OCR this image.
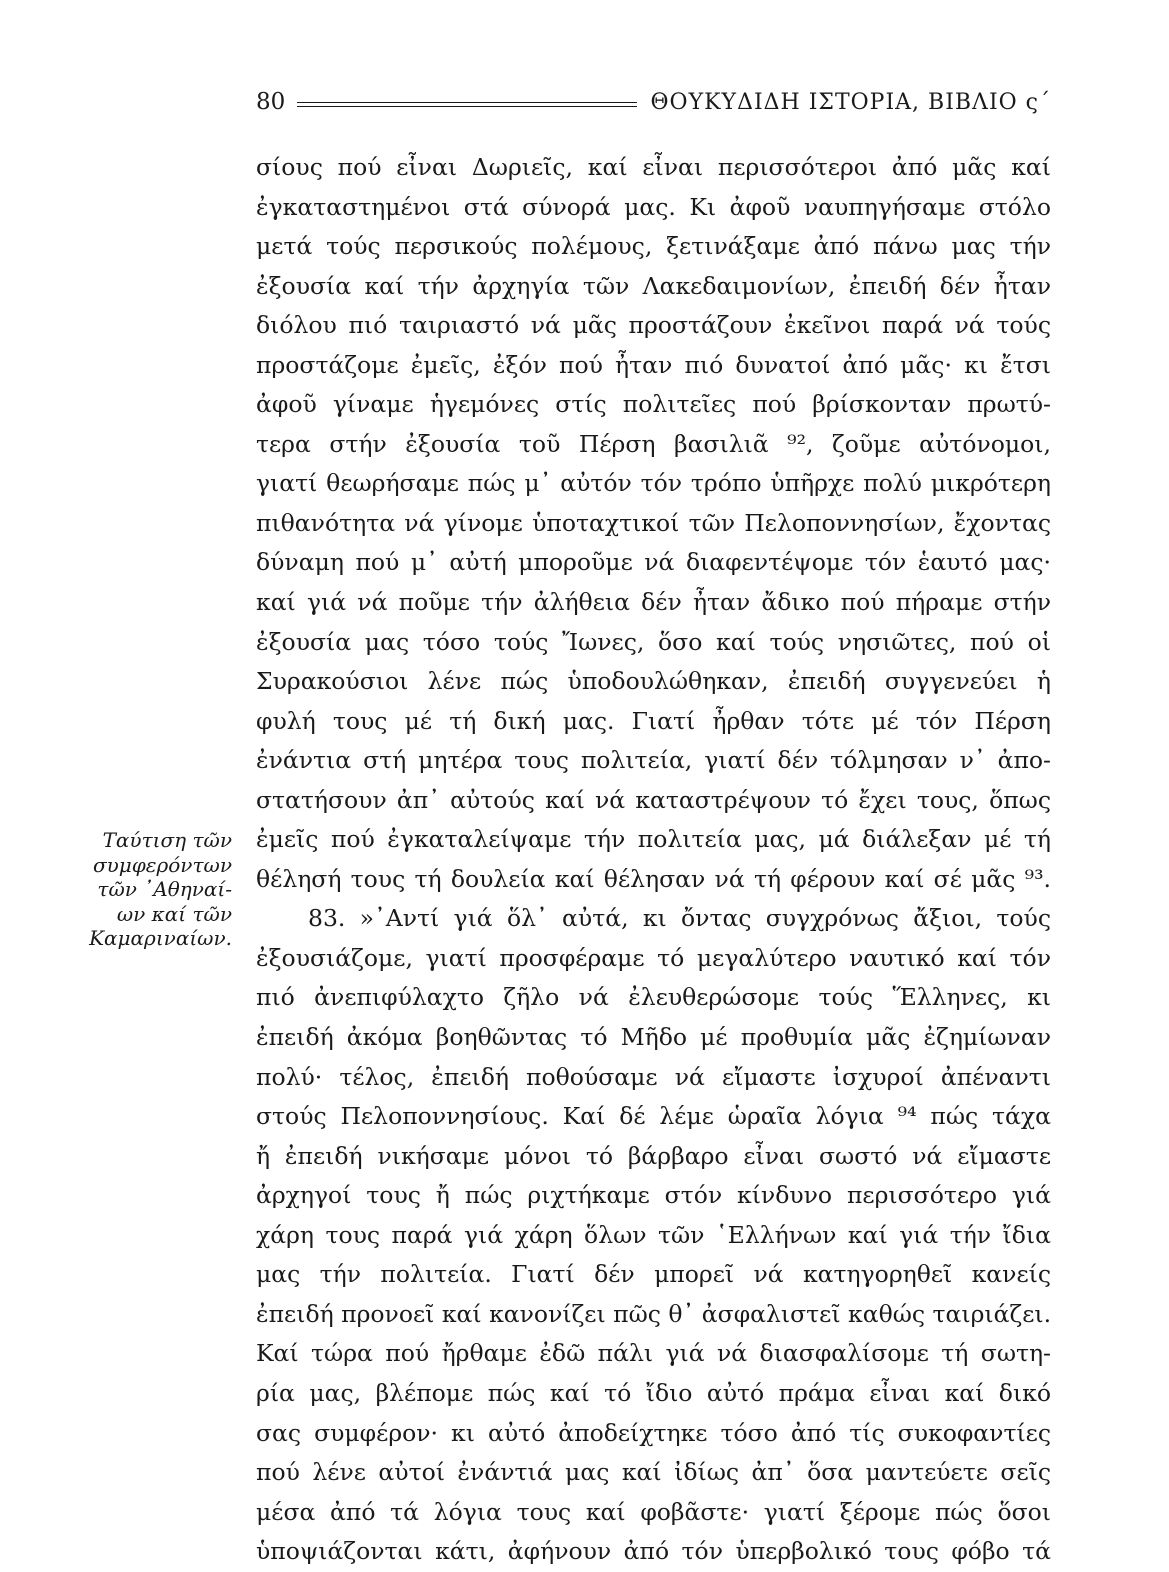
80	ΘΟΥΚΥΔΙΔΗ ΙΣΤΟΡΙΑ, ΒΙΒΛΙΟ ς΄
Ταύτιση τῶν
συμφερόντων
τῶν ᾿Αθηναί-
ων καί τῶν
Καμαριναίων.
σίους πού εἶναι Δωριεῖς, καί εἶναι περισσότεροι ἀπό μᾶς καί
ἐγκαταστημένοι στά σύνορά μας. Κι ἀφοῦ ναυπηγήσαμε στόλο
μετά τούς περσικούς πολέμους, ξετινάξαμε ἀπό πάνω μας τήν
ἐξουσία καί τήν ἀρχηγία τῶν Λακεδαιμονίων, ἐπειδή δέν ἦταν
διόλου πιό ταιριαστό νά μᾶς προστάζουν ἐκεῖνοι παρά νά τούς
προστάζομε ἐμεῖς, ἐξόν πού ἦταν πιό δυνατοί ἀπό μᾶς· κι ἔτσι
ἀφοῦ γίναμε ἡγεμόνες στίς πολιτεῖες πού βρίσκονταν πρωτύ-
τερα στήν ἐξουσία τοῦ Πέρση βασιλιᾶ ⁹², ζοῦμε αὐτόνομοι,
γιατί θεωρήσαμε πώς μ᾿ αὐτόν τόν τρόπο ὑπῆρχε πολύ μικρότερη
πιθανότητα νά γίνομε ὑποταχτικοί τῶν Πελοποννησίων, ἔχοντας
δύναμη πού μ᾿ αὐτή μποροῦμε νά διαφεντέψομε τόν ἑαυτό μας·
καί γιά νά ποῦμε τήν ἀλήθεια δέν ἦταν ἄδικο πού πήραμε στήν
ἐξουσία μας τόσο τούς Ἴωνες, ὅσο καί τούς νησιῶτες, πού οἱ
Συρακούσιοι λένε πώς ὑποδουλώθηκαν, ἐπειδή συγγενεύει ἡ
φυλή τους μέ τή δική μας. Γιατί ἦρθαν τότε μέ τόν Πέρση
ἐνάντια στή μητέρα τους πολιτεία, γιατί δέν τόλμησαν ν᾿ ἀπο-
στατήσουν ἀπ᾿ αὐτούς καί νά καταστρέψουν τό ἔχει τους, ὅπως
ἐμεῖς πού ἐγκαταλείψαμε τήν πολιτεία μας, μά διάλεξαν μέ τή
θέλησή τους τή δουλεία καί θέλησαν νά τή φέρουν καί σέ μᾶς ⁹³.
83. »᾿Αντί γιά ὅλ᾿ αὐτά, κι ὄντας συγχρόνως ἄξιοι, τούς
ἐξουσιάζομε, γιατί προσφέραμε τό μεγαλύτερο ναυτικό καί τόν
πιό ἀνεπιφύλαχτο ζῆλο νά ἐλευθερώσομε τούς Ἕλληνες, κι
ἐπειδή ἀκόμα βοηθῶντας τό Μῆδο μέ προθυμία μᾶς ἐζημίωναν
πολύ· τέλος, ἐπειδή ποθούσαμε νά εἴμαστε ἰσχυροί ἀπέναντι
στούς Πελοποννησίους. Καί δέ λέμε ὡραῖα λόγια ⁹⁴ πώς τάχα
ἤ ἐπειδή νικήσαμε μόνοι τό βάρβαρο εἶναι σωστό νά εἴμαστε
ἀρχηγοί τους ἤ πώς ριχτήκαμε στόν κίνδυνο περισσότερο γιά
χάρη τους παρά γιά χάρη ὅλων τῶν ῾Ελλήνων καί γιά τήν ἴδια
μας τήν πολιτεία. Γιατί δέν μπορεῖ νά κατηγορηθεῖ κανείς
ἐπειδή προνοεῖ καί κανονίζει πῶς θ᾿ ἀσφαλιστεῖ καθώς ταιριάζει.
Καί τώρα πού ἤρθαμε ἐδῶ πάλι γιά νά διασφαλίσομε τή σωτη-
ρία μας, βλέπομε πώς καί τό ἴδιο αὐτό πράμα εἶναι καί δικό
σας συμφέρον· κι αὐτό ἀποδείχτηκε τόσο ἀπό τίς συκοφαντίες
πού λένε αὐτοί ἐνάντιά μας καί ἰδίως ἀπ᾿ ὅσα μαντεύετε σεῖς
μέσα ἀπό τά λόγια τους καί φοβᾶστε· γιατί ξέρομε πώς ὅσοι
ὑποψιάζονται κάτι, ἀφήνουν ἀπό τόν ὑπερβολικό τους φόβο τά
